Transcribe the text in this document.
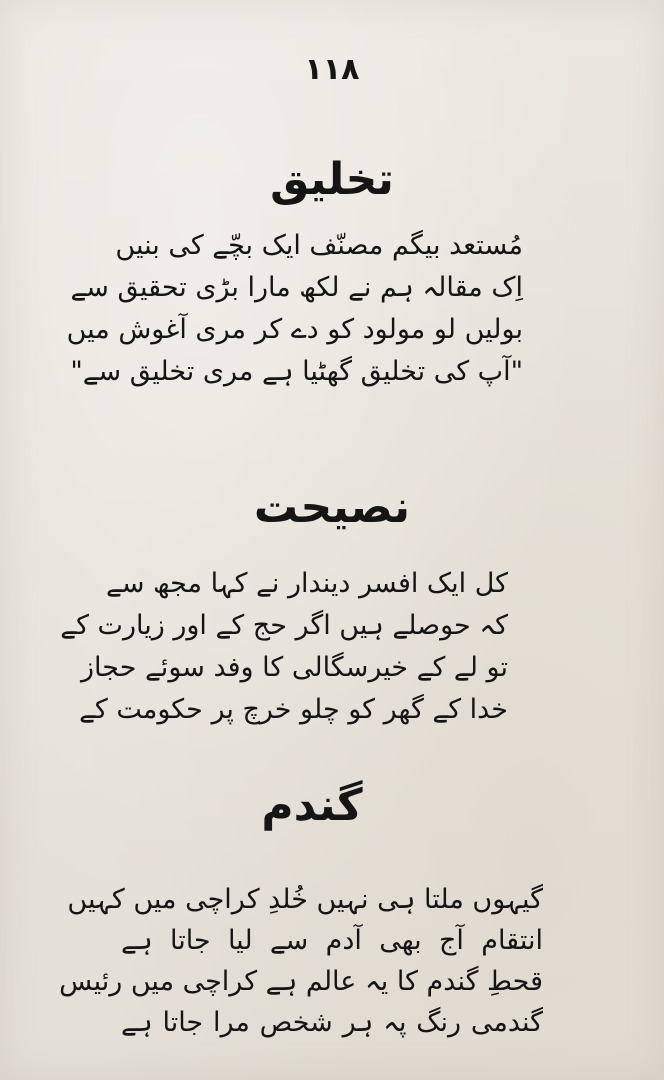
۱۱۸
تخلیق
مُستعد بیگم مصنّف ایک بچّے کی بنیں
اِک مقالہ ہم نے لکھ مارا بڑی تحقیق سے
بولیں لو مولود کو دے کر مری آغوش میں
"آپ کی تخلیق گھٹیا ہے مری تخلیق سے"
نصیحت
کل ایک افسر دیندار نے کہا مجھ سے
کہ حوصلے ہیں اگر حج کے اور زیارت کے
تو لے کے خیرسگالی کا وفد سوئے حجاز
خدا کے گھر کو چلو خرچ پر حکومت کے
گندم
گیہوں ملتا ہی نہیں خُلدِ کراچی میں کہیں
انتقام آج بھی آدم سے لیا جاتا ہے
قحطِ گندم کا یہ عالم ہے کراچی میں رئیس
گندمی رنگ پہ ہر شخص مرا جاتا ہے
